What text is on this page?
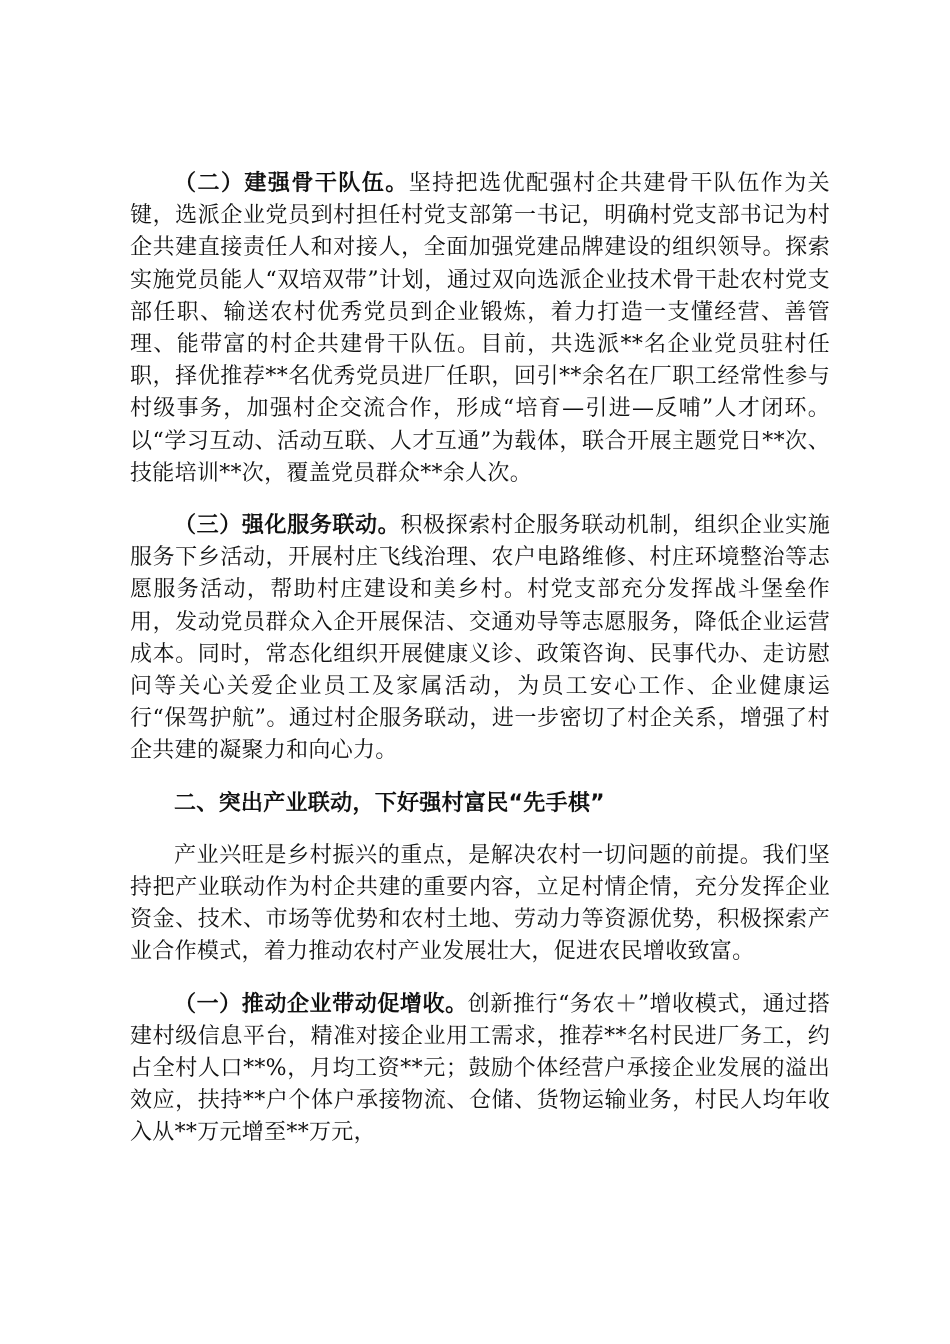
（二）建强骨干队伍。坚持把选优配强村企共建骨干队伍作为关键，选派企业党员到村担任村党支部第一书记，明确村党支部书记为村企共建直接责任人和对接人，全面加强党建品牌建设的组织领导。探索实施党员能人“双培双带”计划，通过双向选派企业技术骨干赴农村党支部任职、输送农村优秀党员到企业锻炼，着力打造一支懂经营、善管理、能带富的村企共建骨干队伍。目前，共选派**名企业党员驻村任职，择优推荐**名优秀党员进厂任职，回引**余名在厂职工经常性参与村级事务，加强村企交流合作，形成“培育—引进—反哺”人才闭环。以“学习互动、活动互联、人才互通”为载体，联合开展主题党日**次、技能培训**次，覆盖党员群众**余人次。

（三）强化服务联动。积极探索村企服务联动机制，组织企业实施服务下乡活动，开展村庄飞线治理、农户电路维修、村庄环境整治等志愿服务活动，帮助村庄建设和美乡村。村党支部充分发挥战斗堡垒作用，发动党员群众入企开展保洁、交通劝导等志愿服务，降低企业运营成本。同时，常态化组织开展健康义诊、政策咨询、民事代办、走访慰问等关心关爱企业员工及家属活动，为员工安心工作、企业健康运行“保驾护航”。通过村企服务联动，进一步密切了村企关系，增强了村企共建的凝聚力和向心力。

二、突出产业联动，下好强村富民“先手棋”

产业兴旺是乡村振兴的重点，是解决农村一切问题的前提。我们坚持把产业联动作为村企共建的重要内容，立足村情企情，充分发挥企业资金、技术、市场等优势和农村土地、劳动力等资源优势，积极探索产业合作模式，着力推动农村产业发展壮大，促进农民增收致富。

（一）推动企业带动促增收。创新推行“务农＋”增收模式，通过搭建村级信息平台，精准对接企业用工需求，推荐**名村民进厂务工，约占全村人口**%，月均工资**元；鼓励个体经营户承接企业发展的溢出效应，扶持**户个体户承接物流、仓储、货物运输业务，村民人均年收入从**万元增至**万元，
